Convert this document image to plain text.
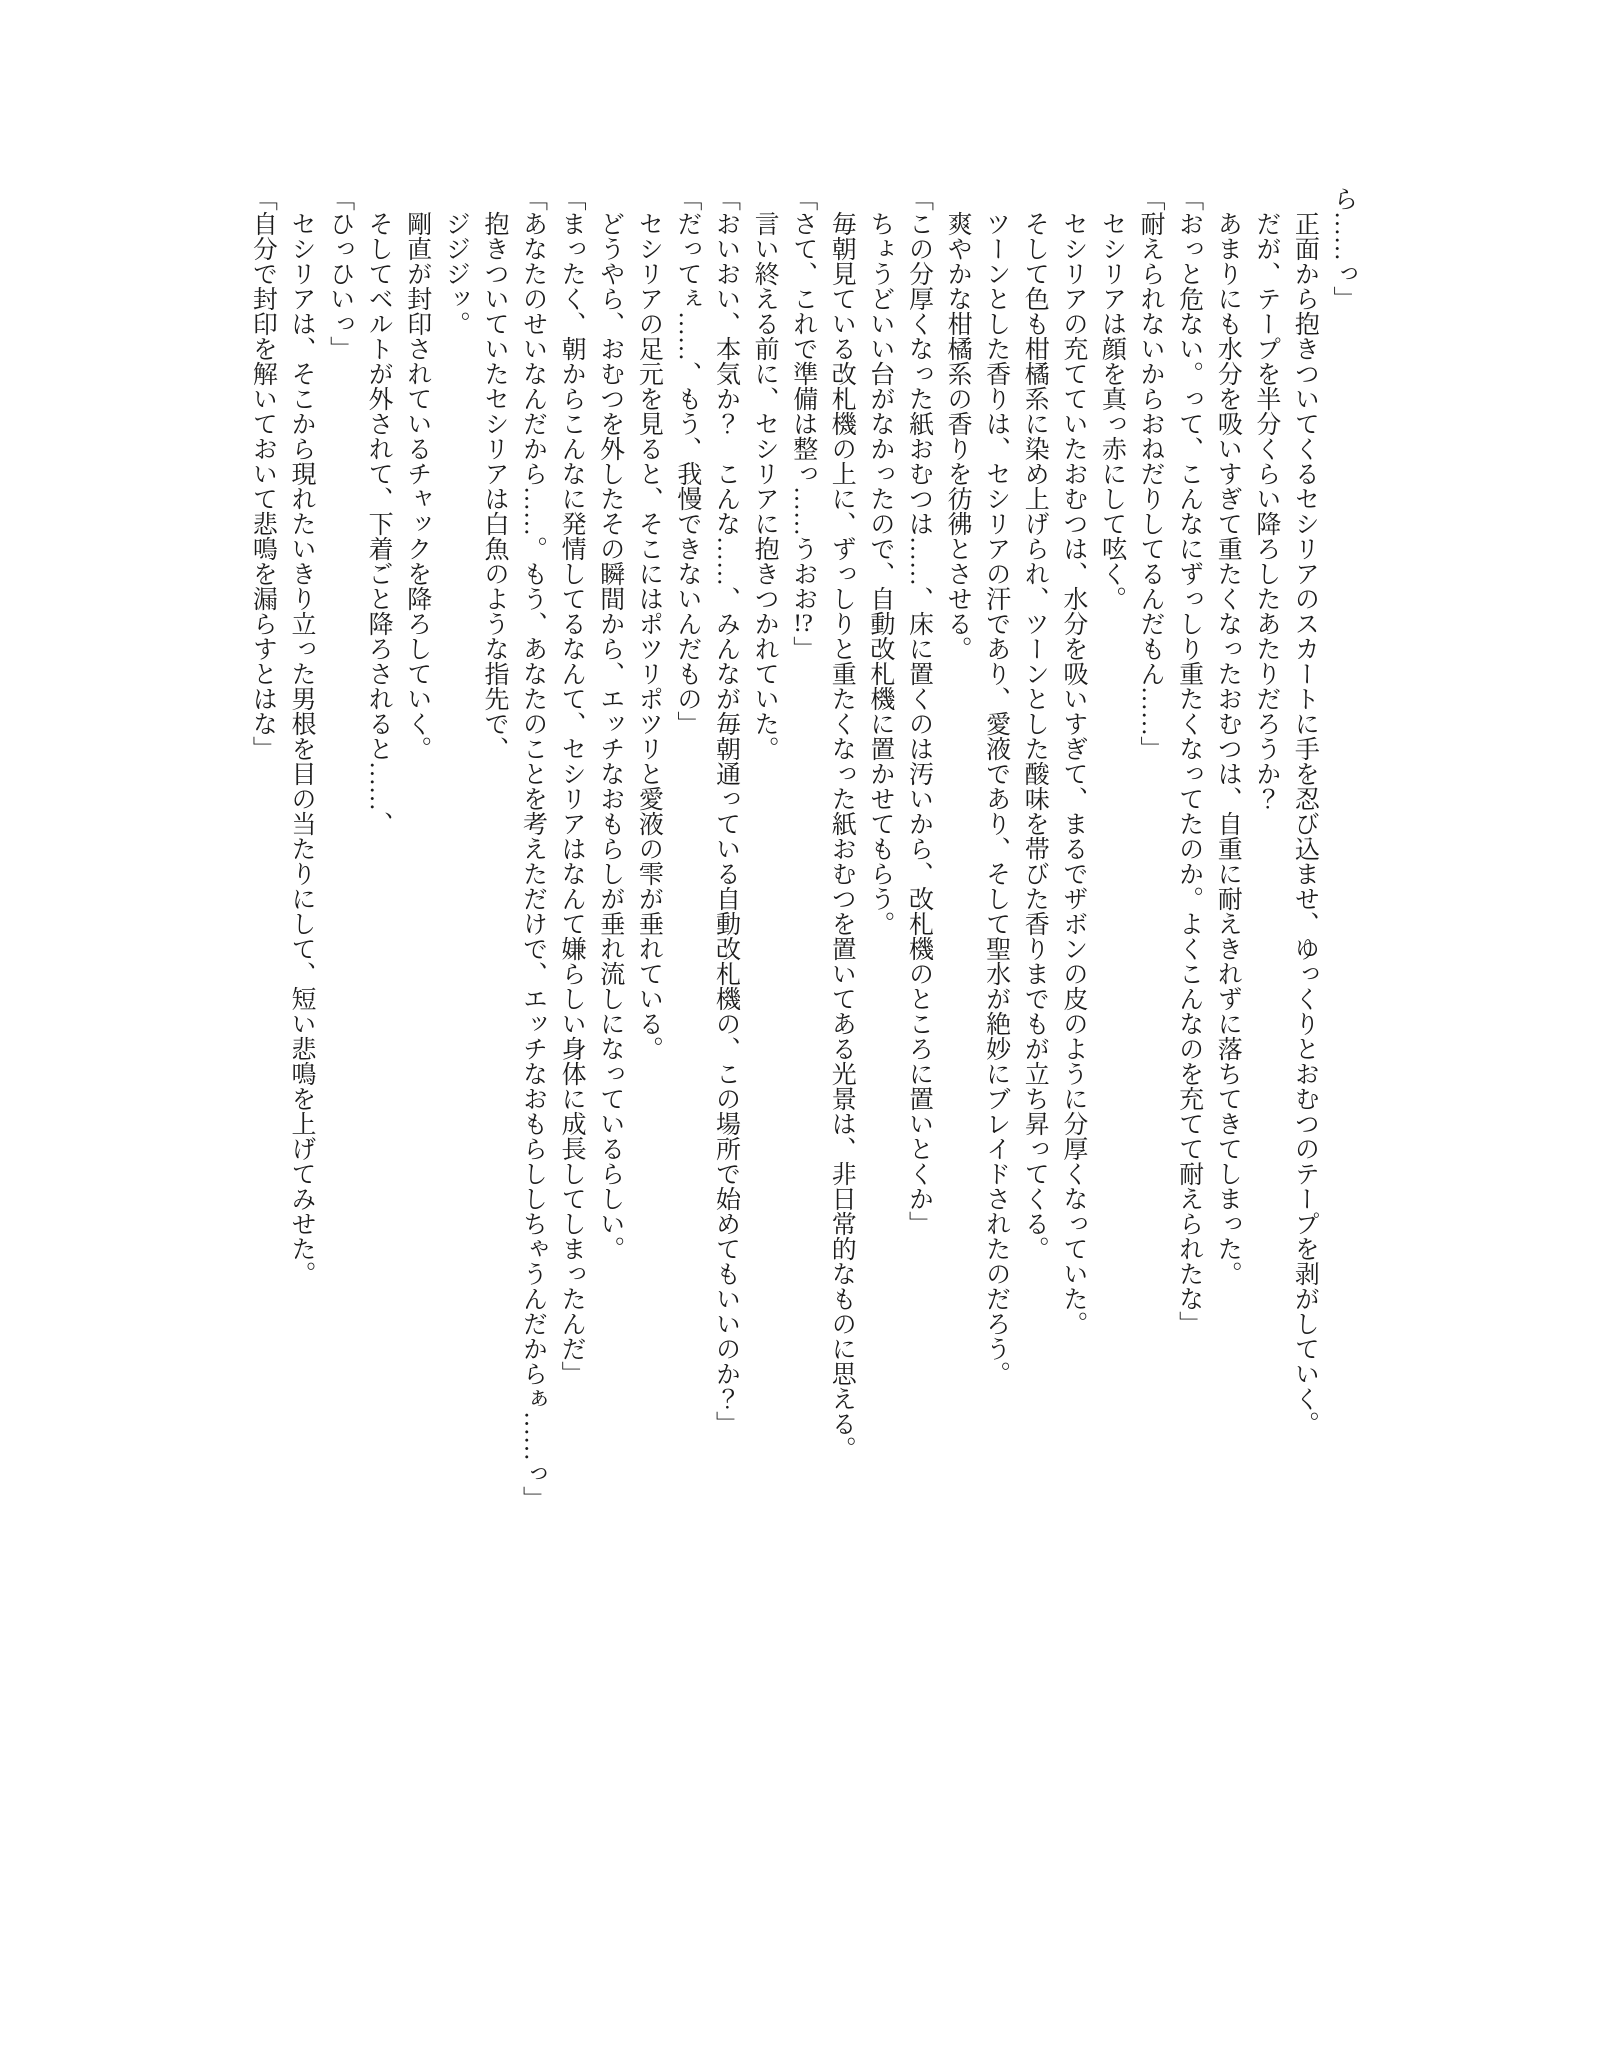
ら……っ」

正面から抱きついてくるセシリアのスカートに手を忍び込ませ、ゆっくりとおむつのテープを剥がしていく。

だが、テープを半分くらい降ろしたあたりだろうか？

あまりにも水分を吸いすぎて重たくなったおむつは、自重に耐えきれずに落ちてきてしまった。

「おっと危ない。って、こんなにずっしり重たくなってたのか。よくこんなのを充てて耐えられたな」

「耐えられないからおねだりしてるんだもん……」

セシリアは顔を真っ赤にして呟く。

セシリアの充てていたおむつは、水分を吸いすぎて、まるでザボンの皮のように分厚くなっていた。

そして色も柑橘系に染め上げられ、ツーンとした酸味を帯びた香りまでもが立ち昇ってくる。

ツーンとした香りは、セシリアの汗であり、愛液であり、そして聖水が絶妙にブレイドされたのだろう。

爽やかな柑橘系の香りを彷彿とさせる。

「この分厚くなった紙おむつは……、床に置くのは汚いから、改札機のところに置いとくか」

ちょうどいい台がなかったので、自動改札機に置かせてもらう。

毎朝見ている改札機の上に、ずっしりと重たくなった紙おむつを置いてある光景は、非日常的なものに思える。

「さて、これで準備は整っ……うおお!?」

言い終える前に、セシリアに抱きつかれていた。

「おいおい、本気か？　こんな……、みんなが毎朝通っている自動改札機の、この場所で始めてもいいのか？」

「だってぇ……、もう、我慢できないんだもの」

セシリアの足元を見ると、そこにはポツリポツリと愛液の雫が垂れている。

どうやら、おむつを外したその瞬間から、エッチなおもらしが垂れ流しになっているらしい。

「まったく、朝からこんなに発情してるなんて、セシリアはなんて嫌らしい身体に成長してしまったんだ」

「あなたのせいなんだから……。もう、あなたのことを考えただけで、エッチなおもらししちゃうんだからぁ……っ」

抱きついていたセシリアは白魚のような指先で、

ジジジッ。

剛直が封印されているチャックを降ろしていく。

そしてベルトが外されて、下着ごと降ろされると……、

「ひっひいっ」

セシリアは、そこから現れたいきり立った男根を目の当たりにして、短い悲鳴を上げてみせた。

「自分で封印を解いておいて悲鳴を漏らすとはな」
